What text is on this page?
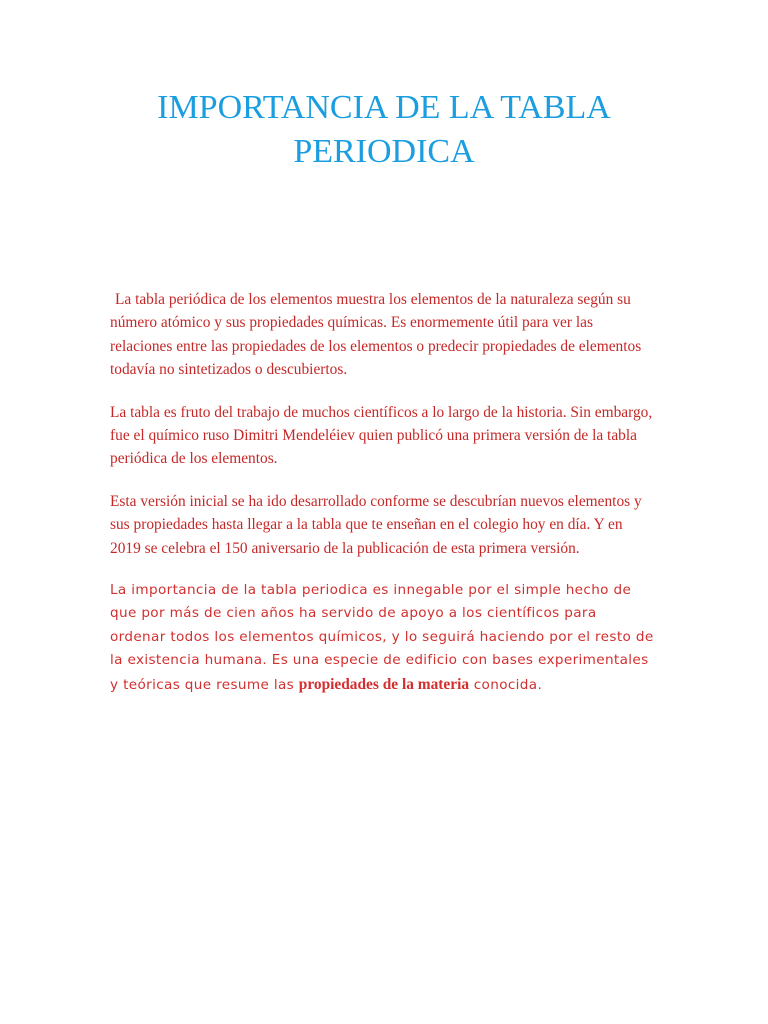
IMPORTANCIA DE LA TABLA
PERIODICA

La tabla periódica de los elementos muestra los elementos de la naturaleza según su número atómico y sus propiedades químicas. Es enormemente útil para ver las relaciones entre las propiedades de los elementos o predecir propiedades de elementos todavía no sintetizados o descubiertos.

La tabla es fruto del trabajo de muchos científicos a lo largo de la historia. Sin embargo, fue el químico ruso Dimitri Mendeléiev quien publicó una primera versión de la tabla periódica de los elementos.

Esta versión inicial se ha ido desarrollado conforme se descubrían nuevos elementos y sus propiedades hasta llegar a la tabla que te enseñan en el colegio hoy en día. Y en 2019 se celebra el 150 aniversario de la publicación de esta primera versión.

La importancia de la tabla periodica es innegable por el simple hecho de que por más de cien años ha servido de apoyo a los científicos para ordenar todos los elementos químicos, y lo seguirá haciendo por el resto de la existencia humana. Es una especie de edificio con bases experimentales y teóricas que resume las propiedades de la materia conocida.
